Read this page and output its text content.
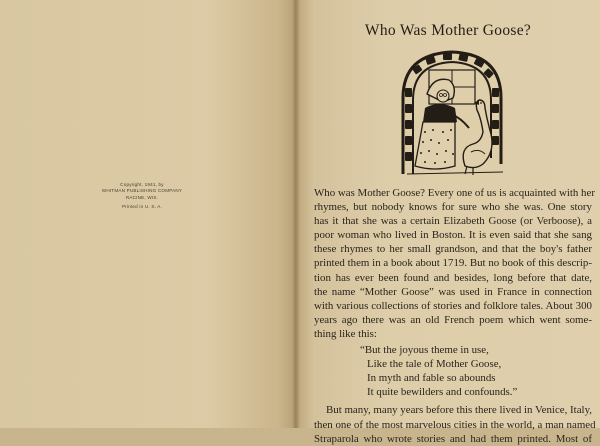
Copyright, 1941, by
WHITMAN PUBLISHING COMPANY
RACINE, WIS.
Printed in U. S. A.
Who Was Mother Goose?

Who was Mother Goose? Every one of us is acquainted with her
rhymes, but nobody knows for sure who she was. One story
has it that she was a certain Elizabeth Goose (or Verboose), a
poor woman who lived in Boston. It is even said that she sang
these rhymes to her small grandson, and that the boy's father
printed them in a book about 1719. But no book of this descrip-
tion has ever been found and besides, long before that date,
the name “Mother Goose” was used in France in connection
with various collections of stories and folklore tales. About 300
years ago there was an old French poem which went some-
thing like this:

“But the joyous theme in use,
Like the tale of Mother Goose,
In myth and fable so abounds
It quite bewilders and confounds.”

But many, many years before this there lived in Venice, Italy,
then one of the most marvelous cities in the world, a man named
Straparola who wrote stories and had them printed. Most of
